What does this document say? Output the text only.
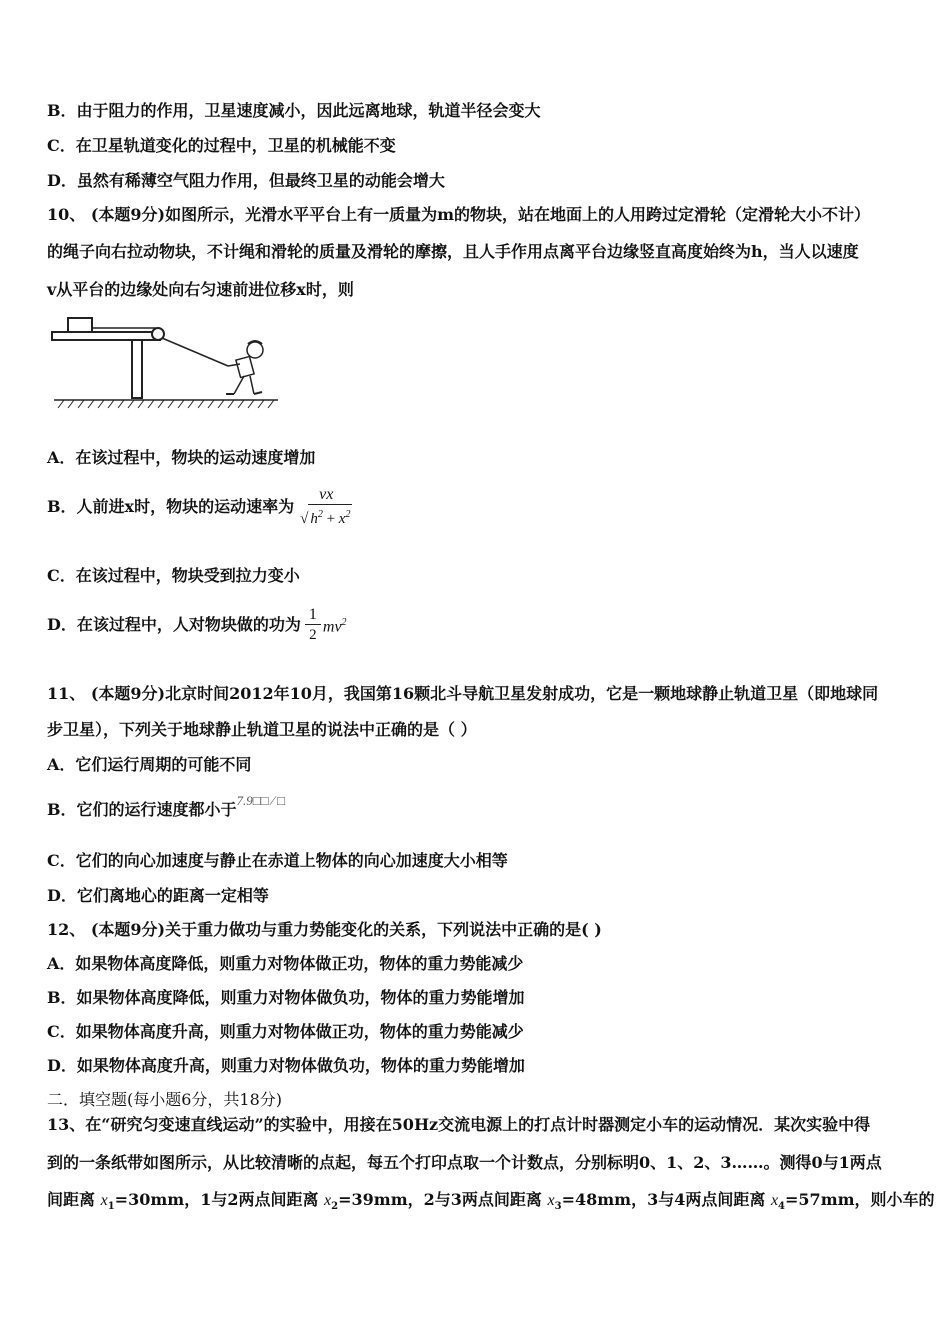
B．由于阻力的作用，卫星速度减小，因此远离地球，轨道半径会变大
C．在卫星轨道变化的过程中，卫星的机械能不变
D．虽然有稀薄空气阻力作用，但最终卫星的动能会增大
10、 (本题9分)如图所示，光滑水平平台上有一质量为m的物块，站在地面上的人用跨过定滑轮（定滑轮大小不计）
的绳子向右拉动物块，不计绳和滑轮的质量及滑轮的摩擦，且人手作用点离平台边缘竖直高度始终为h，当人以速度
v从平台的边缘处向右匀速前进位移x时，则
A．在该过程中，物块的运动速度增加
B．人前进x时，物块的运动速率为
vx
√ $h^2 + x^2$
C．在该过程中，物块受到拉力变小
D．在该过程中，人对物块做的功为 $\frac{1}{2} mv^2$
11、 (本题9分)北京时间2012年10月，我国第16颗北斗导航卫星发射成功，它是一颗地球静止轨道卫星（即地球同
步卫星），下列关于地球静止轨道卫星的说法中正确的是（ ）
A．它们运行周期的可能不同
B．它们的运行速度都小于$^{7.9□□ ∕ □}$
C．它们的向心加速度与静止在赤道上物体的向心加速度大小相等
D．它们离地心的距离一定相等
12、 (本题9分)关于重力做功与重力势能变化的关系，下列说法中正确的是( )
A．如果物体高度降低，则重力对物体做正功，物体的重力势能减少
B．如果物体高度降低，则重力对物体做负功，物体的重力势能增加
C．如果物体高度升高，则重力对物体做正功，物体的重力势能减少
D．如果物体高度升高，则重力对物体做负功，物体的重力势能增加
二．填空题(每小题6分，共18分)
13、在“研究匀变速直线运动”的实验中，用接在50Hz交流电源上的打点计时器测定小车的运动情况．某次实验中得
到的一条纸带如图所示，从比较清晰的点起，每五个打印点取一个计数点，分别标明0、1、2、3……。测得0与1两点
间距离 $x_1=30mm$，1与2两点间距离 $x_2=39mm$，2与3两点间距离 $x_3=48mm$，3与4两点间距离 $x_4=57mm$，则小车的
